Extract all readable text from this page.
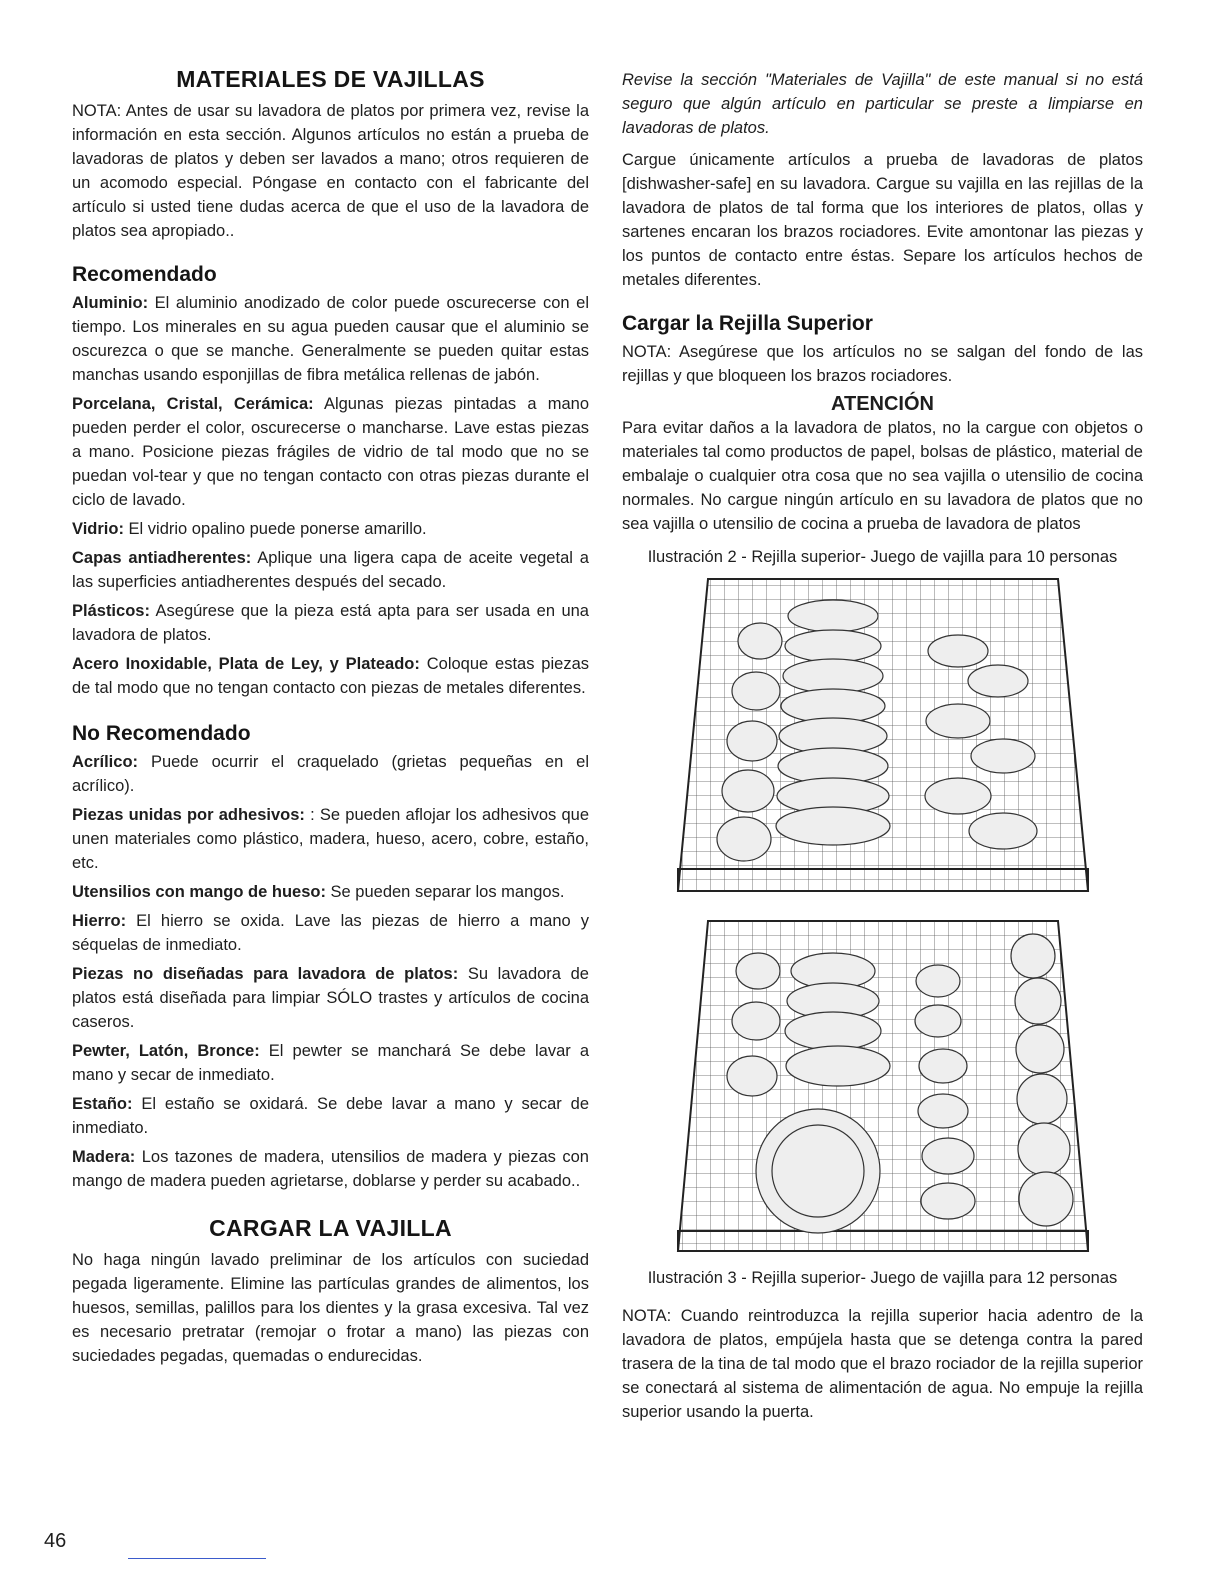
MATERIALES DE VAJILLAS

NOTA: Antes de usar su lavadora de platos por primera vez, revise la información en esta sección. Algunos artículos no están a prueba de lavadoras de platos y deben ser lavados a mano; otros requieren de un acomodo especial. Póngase en contacto con el fabricante del artículo si usted tiene dudas acerca de que el uso de la lavadora de platos sea apropiado..

Recomendado

Aluminio: El aluminio anodizado de color puede oscurecerse con el tiempo. Los minerales en su agua pueden causar que el aluminio se oscurezca o que se manche. Generalmente se pueden quitar estas manchas usando esponjillas de fibra metálica rellenas de jabón.

Porcelana, Cristal, Cerámica: Algunas piezas pintadas a mano pueden perder el color, oscurecerse o mancharse. Lave estas piezas a mano. Posicione piezas frágiles de vidrio de tal modo que no se puedan vol-tear y que no tengan contacto con otras piezas durante el ciclo de lavado.

Vidrio: El vidrio opalino puede ponerse amarillo.

Capas antiadherentes: Aplique una ligera capa de aceite vegetal a las superficies antiadherentes después del secado.

Plásticos: Asegúrese que la pieza está apta para ser usada en una lavadora de platos.

Acero Inoxidable, Plata de Ley, y Plateado: Coloque estas piezas de tal modo que no tengan contacto con piezas de metales diferentes.

No Recomendado

Acrílico: Puede ocurrir el craquelado (grietas pequeñas en el acrílico).

Piezas unidas por adhesivos: : Se pueden aflojar los adhesivos que unen materiales como plástico, madera, hueso, acero, cobre, estaño, etc.

Utensilios con mango de hueso: Se pueden separar los mangos.

Hierro: El hierro se oxida. Lave las piezas de hierro a mano y séquelas de inmediato.

Piezas no diseñadas para lavadora de platos: Su lavadora de platos está diseñada para limpiar SÓLO trastes y artículos de cocina caseros.

Pewter, Latón, Bronce: El pewter se manchará Se debe lavar a mano y secar de inmediato.

Estaño: El estaño se oxidará. Se debe lavar a mano y secar de inmediato.

Madera: Los tazones de madera, utensilios de madera y piezas con mango de madera pueden agrietarse, doblarse y perder su acabado..

CARGAR LA VAJILLA

No haga ningún lavado preliminar de los artículos con suciedad pegada ligeramente. Elimine las partículas grandes de alimentos, los huesos, semillas, palillos para los dientes y la grasa excesiva. Tal vez es necesario pretratar (remojar o frotar a mano) las piezas con suciedades pegadas, quemadas o endurecidas.

Revise la sección "Materiales de Vajilla" de este manual si no está seguro que algún artículo en particular se preste a limpiarse en lavadoras de platos.

Cargue únicamente artículos a prueba de lavadoras de platos [dishwasher-safe] en su lavadora. Cargue su vajilla en las rejillas de la lavadora de platos de tal forma que los interiores de platos, ollas y sartenes encaran los brazos rociadores. Evite amontonar las piezas y los puntos de contacto entre éstas. Separe los artículos hechos de metales diferentes.

Cargar la Rejilla Superior

NOTA: Asegúrese que los artículos no se salgan del fondo de las rejillas y que bloqueen los brazos rociadores.

ATENCIÓN

Para evitar daños a la lavadora de platos, no la cargue con objetos o materiales tal como productos de papel, bolsas de plástico, material de embalaje o cualquier otra cosa que no sea vajilla o utensilio de cocina normales. No cargue ningún artículo en su lavadora de platos que no sea vajilla o utensilio de cocina a prueba de lavadora de platos

Ilustración 2 - Rejilla superior- Juego de vajilla para 10 personas
Ilustración 3 - Rejilla superior- Juego de vajilla para 12 personas

NOTA: Cuando reintroduzca la rejilla superior hacia adentro de la lavadora de platos, empújela hasta que se detenga contra la pared trasera de la tina de tal modo que el brazo rociador de la rejilla superior se conectará al sistema de alimentación de agua. No empuje la rejilla superior usando la puerta.

46
